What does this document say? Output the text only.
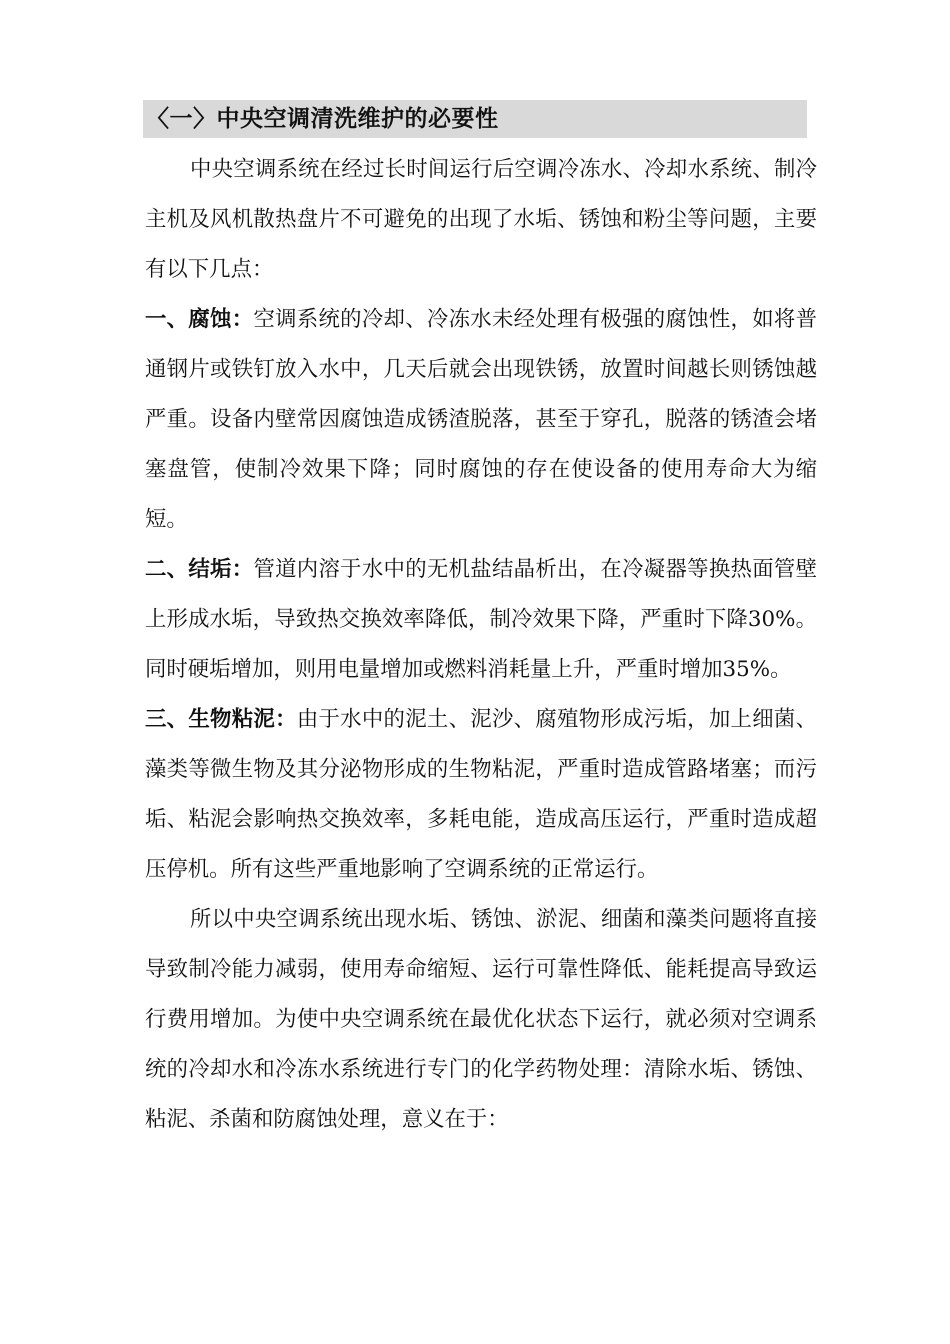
〈一〉中央空调清洗维护的必要性

中央空调系统在经过长时间运行后空调冷冻水、冷却水系统、制冷主机及风机散热盘片不可避免的出现了水垢、锈蚀和粉尘等问题，主要有以下几点：

一、腐蚀：空调系统的冷却、冷冻水未经处理有极强的腐蚀性，如将普通钢片或铁钉放入水中，几天后就会出现铁锈，放置时间越长则锈蚀越严重。设备内壁常因腐蚀造成锈渣脱落，甚至于穿孔，脱落的锈渣会堵塞盘管，使制冷效果下降；同时腐蚀的存在使设备的使用寿命大为缩短。

二、结垢：管道内溶于水中的无机盐结晶析出，在冷凝器等换热面管壁上形成水垢，导致热交换效率降低，制冷效果下降，严重时下降30%。同时硬垢增加，则用电量增加或燃料消耗量上升，严重时增加35%。

三、生物粘泥：由于水中的泥土、泥沙、腐殖物形成污垢，加上细菌、藻类等微生物及其分泌物形成的生物粘泥，严重时造成管路堵塞；而污垢、粘泥会影响热交换效率，多耗电能，造成高压运行，严重时造成超压停机。所有这些严重地影响了空调系统的正常运行。

所以中央空调系统出现水垢、锈蚀、淤泥、细菌和藻类问题将直接导致制冷能力减弱，使用寿命缩短、运行可靠性降低、能耗提高导致运行费用增加。为使中央空调系统在最优化状态下运行，就必须对空调系统的冷却水和冷冻水系统进行专门的化学药物处理：清除水垢、锈蚀、粘泥、杀菌和防腐蚀处理，意义在于：
